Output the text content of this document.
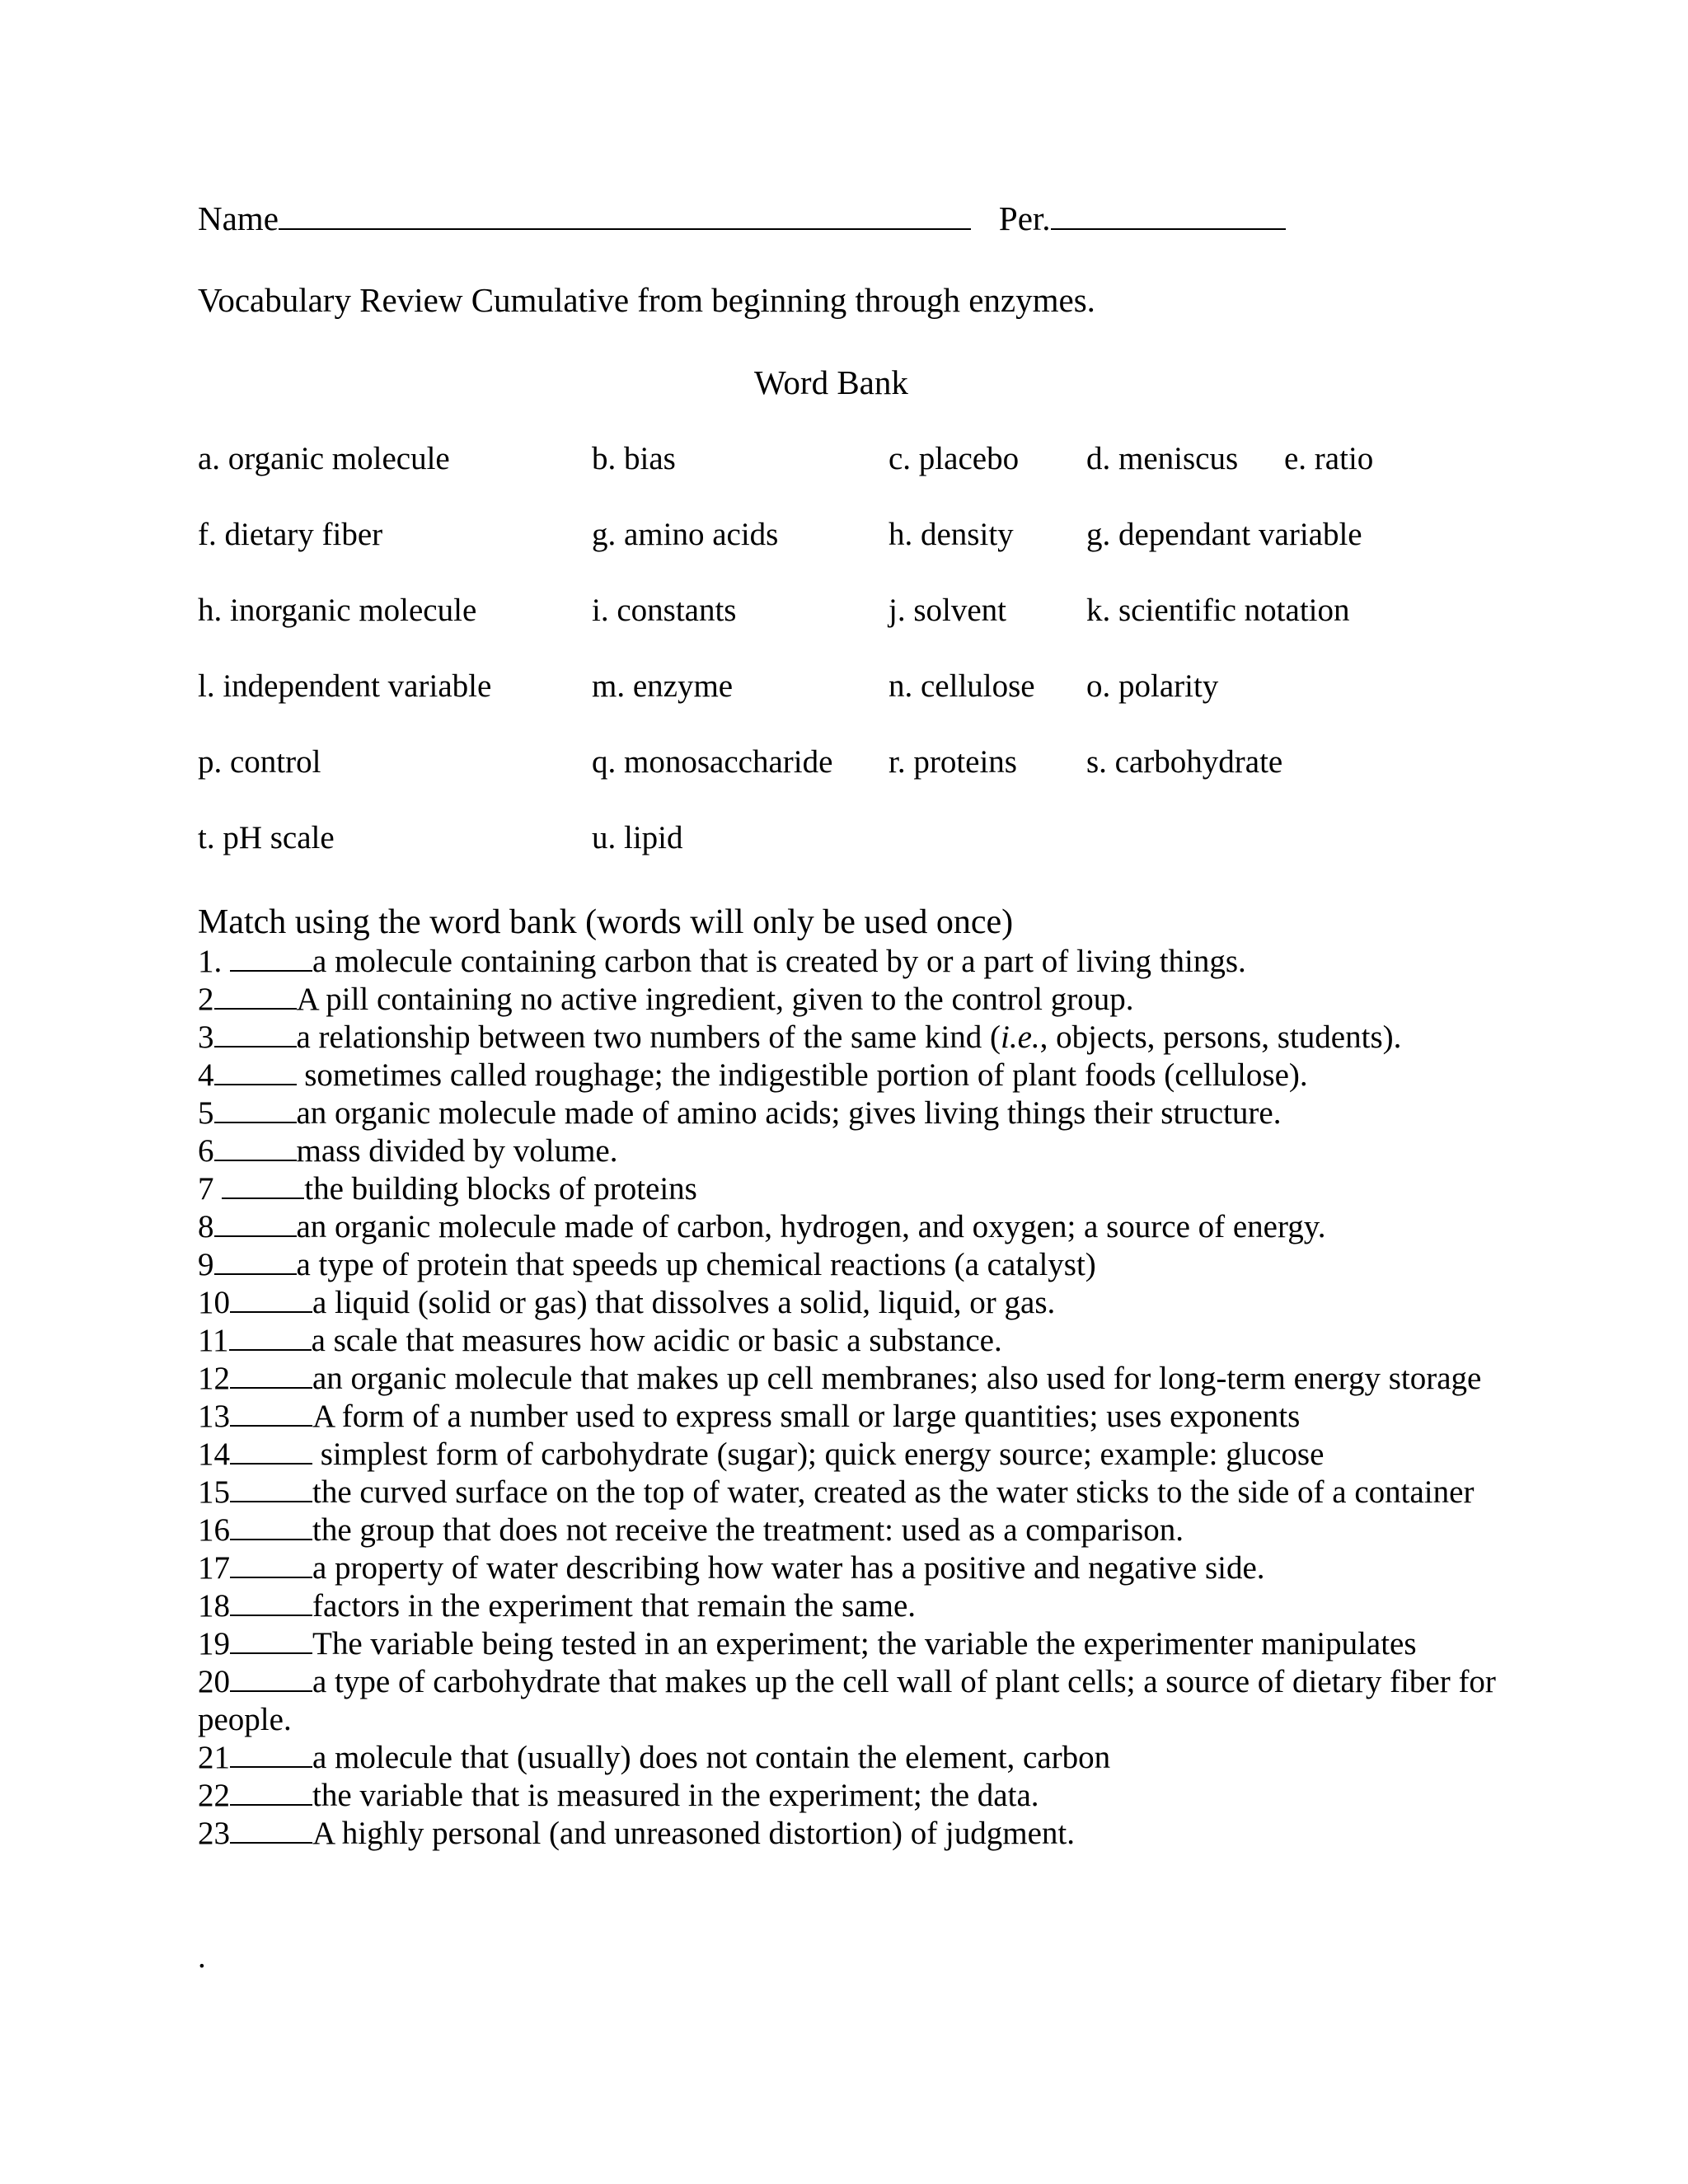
Name	Per.
Vocabulary Review Cumulative from beginning through enzymes.
Word Bank
a. organic molecule	b. bias	c. placebo d. meniscus e. ratio
f. dietary fiber	g. amino acids	h. density g. dependant variable
h. inorganic molecule	i. constants	j. solvent k. scientific notation
l. independent variable	m. enzyme	n. cellulose o. polarity
p. control	q. monosaccharide r. proteins s. carbohydrate
t. pH scale	u. lipid
Match using the word bank (words will only be used once)
1.	a molecule containing carbon that is created by or a part of living things.
2	A pill containing no active ingredient, given to the control group.
3	a relationship between two numbers of the same kind (i.e., objects, persons, students).
4	sometimes called roughage; the indigestible portion of plant foods (cellulose).
5	an organic molecule made of amino acids; gives living things their structure.
6	mass divided by volume.
7	the building blocks of proteins
8	an organic molecule made of carbon, hydrogen, and oxygen; a source of energy.
9	a type of protein that speeds up chemical reactions (a catalyst)
10	a liquid (solid or gas) that dissolves a solid, liquid, or gas.
11	a scale that measures how acidic or basic a substance.
12	an organic molecule that makes up cell membranes; also used for long-term energy storage
13	A form of a number used to express small or large quantities; uses exponents
14	simplest form of carbohydrate (sugar); quick energy source; example: glucose
15	the curved surface on the top of water, created as the water sticks to the side of a container
16	the group that does not receive the treatment: used as a comparison.
17	a property of water describing how water has a positive and negative side.
18	factors in the experiment that remain the same.
19	The variable being tested in an experiment; the variable the experimenter manipulates
20	a type of carbohydrate that makes up the cell wall of plant cells; a source of dietary fiber for people.
21	a molecule that (usually) does not contain the element, carbon
22	the variable that is measured in the experiment; the data.
23	A highly personal (and unreasoned distortion) of judgment.
.
